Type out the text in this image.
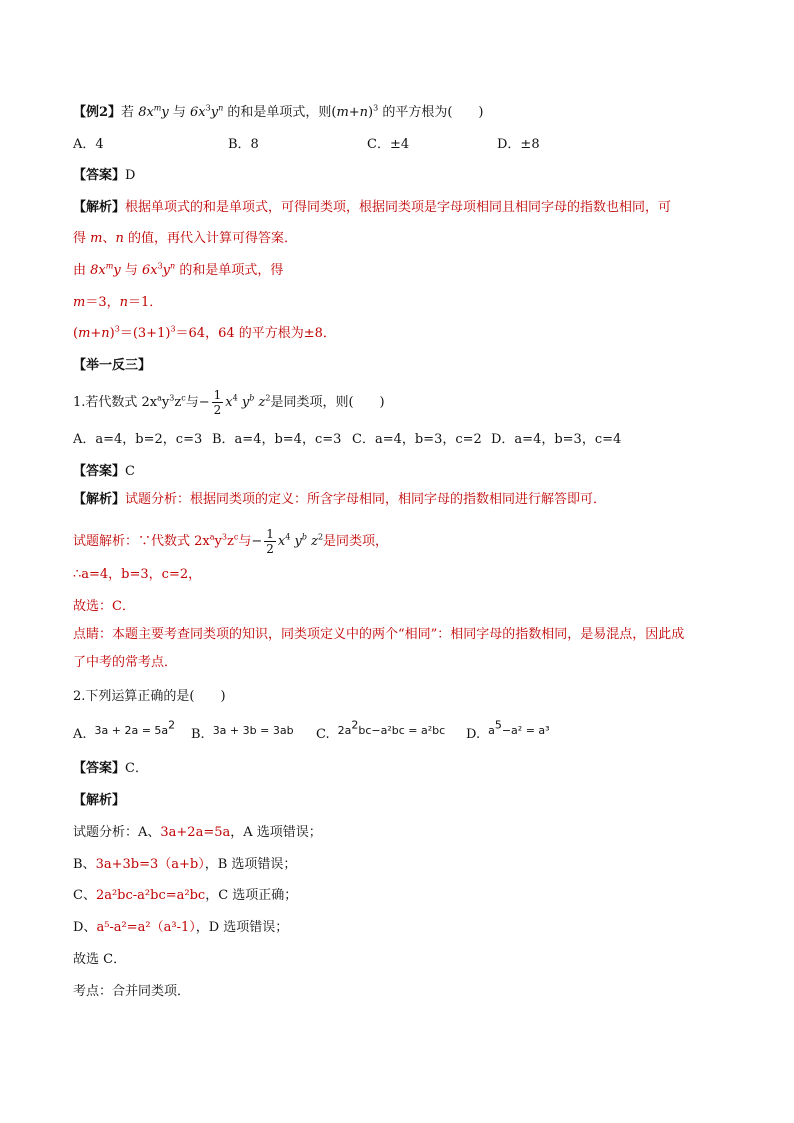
【例2】若 $8x^my$ 与 $6x^3y^n$ 的和是单项式，则$(m+n)^3$ 的平方根为(　　)
A．4	B．8	C．±4	D．±8
【答案】D
【解析】根据单项式的和是单项式，可得同类项，根据同类项是字母项相同且相同字母的指数也相同，可
得 m、n 的值，再代入计算可得答案．
由 $8x^my$ 与 $6x^3y^n$ 的和是单项式，得
m＝3，n＝1．
$(m+n)^3=(3+1)^3=64$，64 的平方根为±8．
【举一反三】
1.若代数式 $2x^ay^3z^c$与− $\frac{1}{2} x^4$ $y^b$ $z^2$是同类项，则(　　)
A．a=4，b=2，c=3 B．a=4，b=4，c=3 C．a=4，b=3，c=2 D．a=4，b=3，c=4
【答案】C
【解析】试题分析：根据同类项的定义：所含字母相同，相同字母的指数相同进行解答即可．
试题解析：∵代数式 $2x^ay^3z^c$与− $\frac{1}{2} x^4$ $y^b$ $z^2$是同类项，
∴a=4，b=3，c=2，
故选：C．
点睛：本题主要考查同类项的知识，同类项定义中的两个“相同”：相同字母的指数相同，是易混点，因此成
了中考的常考点．
2.下列运算正确的是(　　)
A. $3a + 2a = 5a^2$
B. 3a + 3b = 3ab C. $2a^2bc-a^2bc = a^2bc$ D. $a^5-a^2 = a^3$
【答案】C．
【解析】
试题分析：A、3a+2a=5a，A 选项错误；
B、3a+3b=3（a+b），B 选项错误；
C、2a²bc-a²bc=a²bc，C 选项正确；
D、a⁵-a²=a²（a³-1），D 选项错误；
故选 C．
考点：合并同类项．
